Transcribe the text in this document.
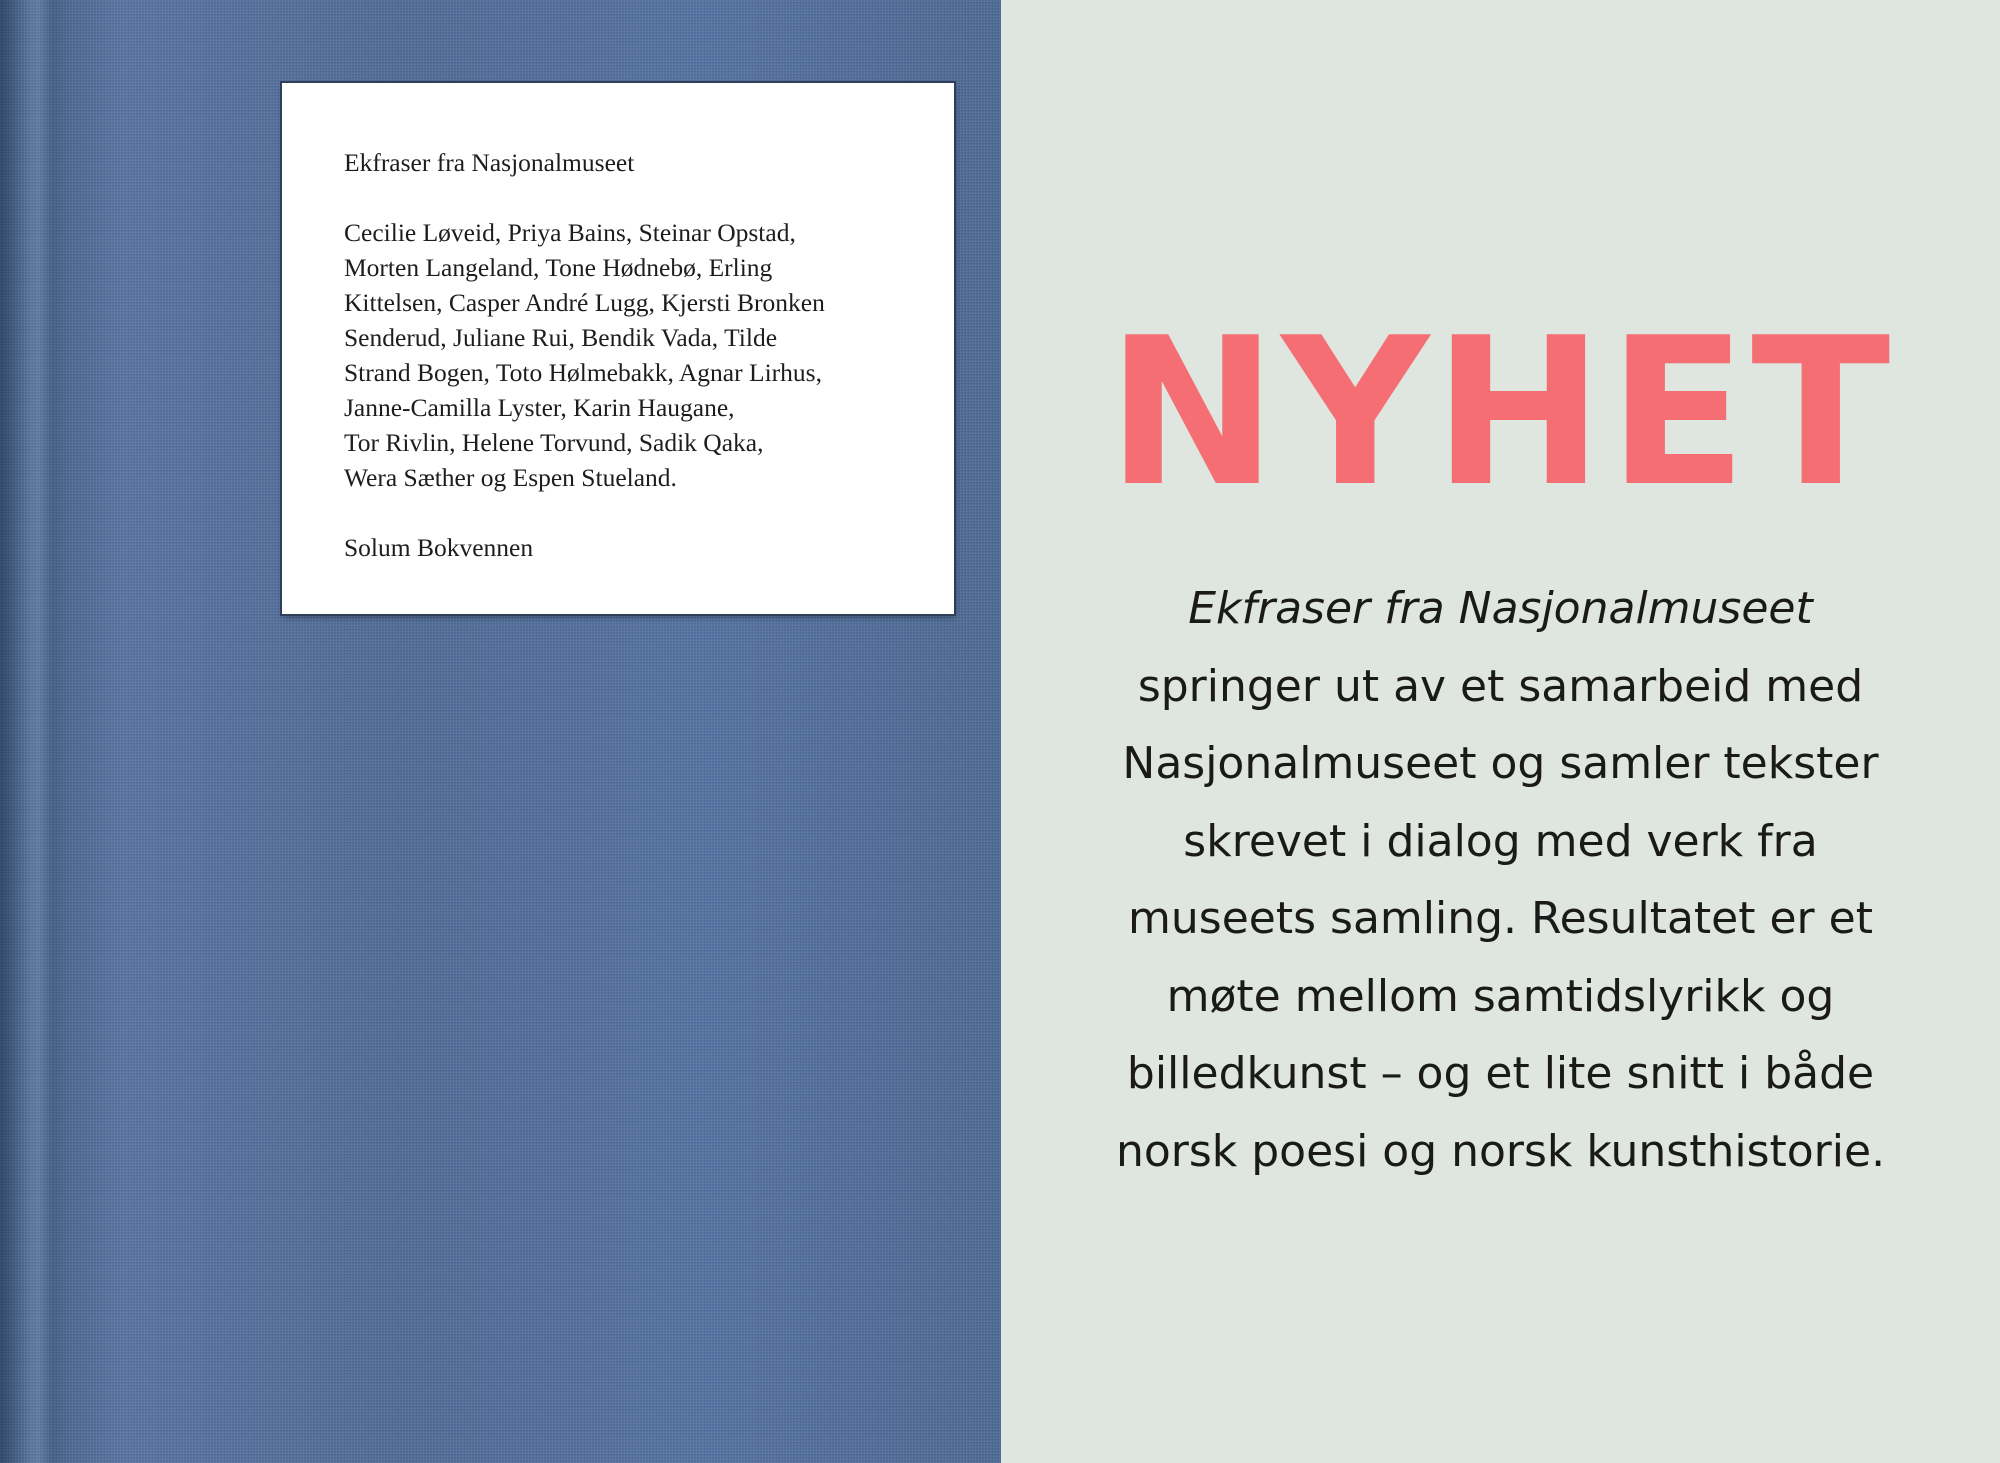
Ekfraser fra Nasjonalmuseet

Cecilie Løveid, Priya Bains, Steinar Opstad,
Morten Langeland, Tone Hødnebø, Erling
Kittelsen, Casper André Lugg, Kjersti Bronken
Senderud, Juliane Rui, Bendik Vada, Tilde
Strand Bogen, Toto Hølmebakk, Agnar Lirhus,
Janne-Camilla Lyster, Karin Haugane,
Tor Rivlin, Helene Torvund, Sadik Qaka,
Wera Sæther og Espen Stueland.

Solum Bokvennen

NYHET

Ekfraser fra Nasjonalmuseet
springer ut av et samarbeid med
Nasjonalmuseet og samler tekster
skrevet i dialog med verk fra
museets samling. Resultatet er et
møte mellom samtidslyrikk og
billedkunst – og et lite snitt i både
norsk poesi og norsk kunsthistorie.
